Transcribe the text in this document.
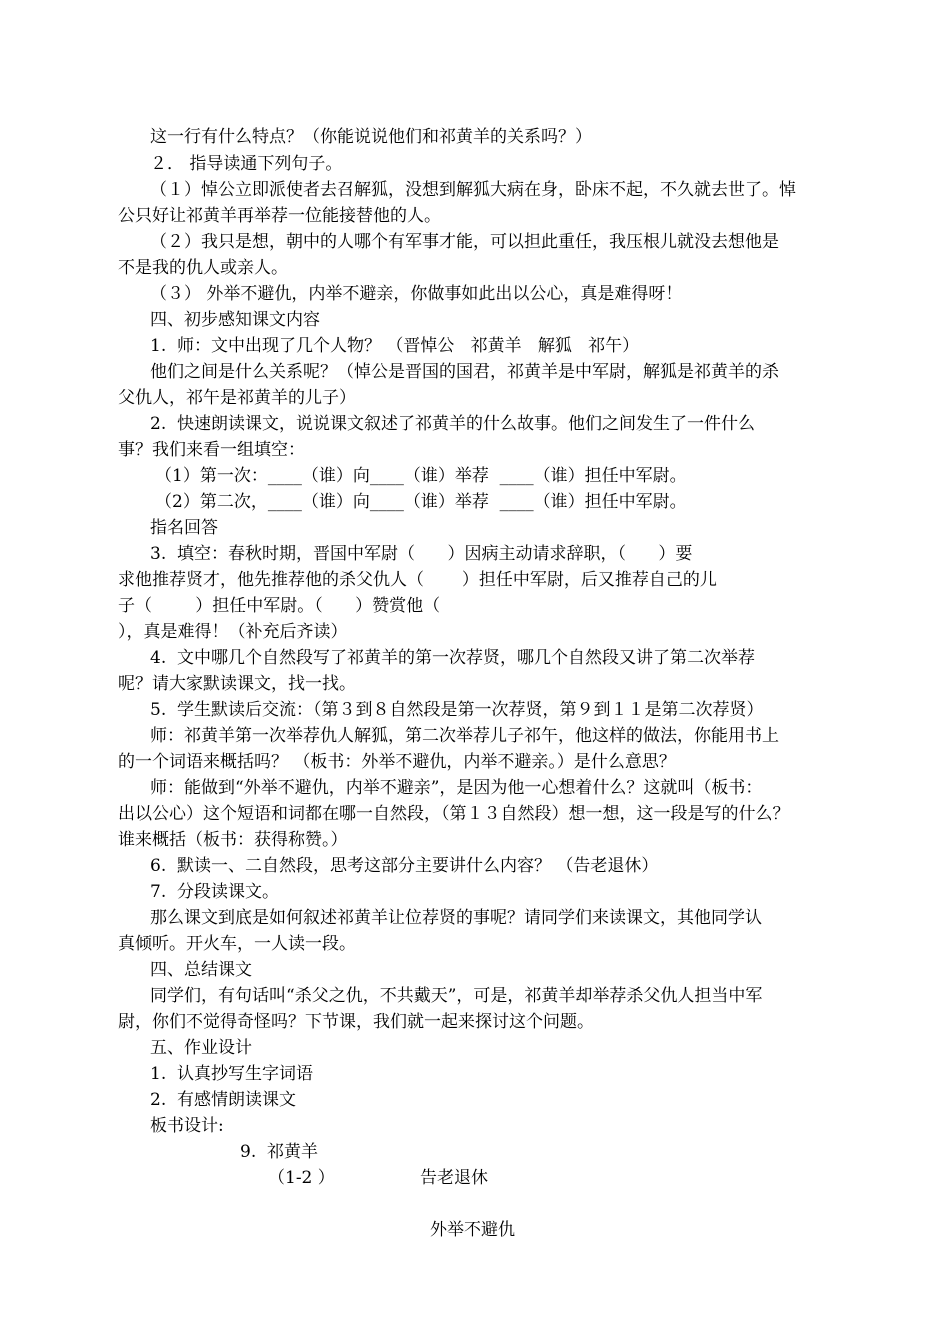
这一行有什么特点？（你能说说他们和祁黄羊的关系吗？）
２． 指导读通下列句子。
（１）悼公立即派使者去召解狐，没想到解狐大病在身，卧床不起，不久就去世了。悼
公只好让祁黄羊再举荐一位能接替他的人。
（２）我只是想，朝中的人哪个有军事才能，可以担此重任，我压根儿就没去想他是
不是我的仇人或亲人。
（３） 外举不避仇，内举不避亲，你做事如此出以公心，真是难得呀！
四、初步感知课文内容
1.  师：文中出现了几个人物？ （晋悼公   祁黄羊   解狐   祁午）
他们之间是什么关系呢？（悼公是晋国的国君，祁黄羊是中军尉，解狐是祁黄羊的杀
父仇人，祁午是祁黄羊的儿子）
2.  快速朗读课文，说说课文叙述了祁黄羊的什么故事。他们之间发生了一件什么
事？我们来看一组填空：
（1）第一次：____（谁）向____（谁）举荐  ____（谁）担任中军尉。
（2）第二次，____（谁）向____（谁）举荐  ____（谁）担任中军尉。
指名回答
3.  填空：春秋时期，晋国中军尉（      ）因病主动请求辞职，（      ）要
求他推荐贤才，他先推荐他的杀父仇人（       ）担任中军尉，后又推荐自己的儿
子（        ）担任中军尉。（      ）赞赏他（
），真是难得！（补充后齐读）
4.  文中哪几个自然段写了祁黄羊的第一次荐贤，哪几个自然段又讲了第二次举荐
呢？请大家默读课文，找一找。
5.  学生默读后交流：（第３到８自然段是第一次荐贤，第９到１１是第二次荐贤）
师：祁黄羊第一次举荐仇人解狐，第二次举荐儿子祁午，他这样的做法，你能用书上
的一个词语来概括吗？ （板书：外举不避仇，内举不避亲。）是什么意思？
师：能做到“外举不避仇，内举不避亲”，是因为他一心想着什么？这就叫（板书：
出以公心）这个短语和词都在哪一自然段，（第１３自然段）想一想，这一段是写的什么？
谁来概括（板书：获得称赞。）
6.  默读一、二自然段，思考这部分主要讲什么内容？ （告老退休）
7.  分段读课文。
那么课文到底是如何叙述祁黄羊让位荐贤的事呢？请同学们来读课文，其他同学认
真倾听。开火车，一人读一段。
四、总结课文
同学们，有句话叫“杀父之仇，不共戴天”，可是，祁黄羊却举荐杀父仇人担当中军
尉，你们不觉得奇怪吗？下节课，我们就一起来探讨这个问题。
五、作业设计
1.  认真抄写生字词语
2.  有感情朗读课文
板书设计:
9.  祁黄羊
（1-2 ）	告老退休
外举不避仇
